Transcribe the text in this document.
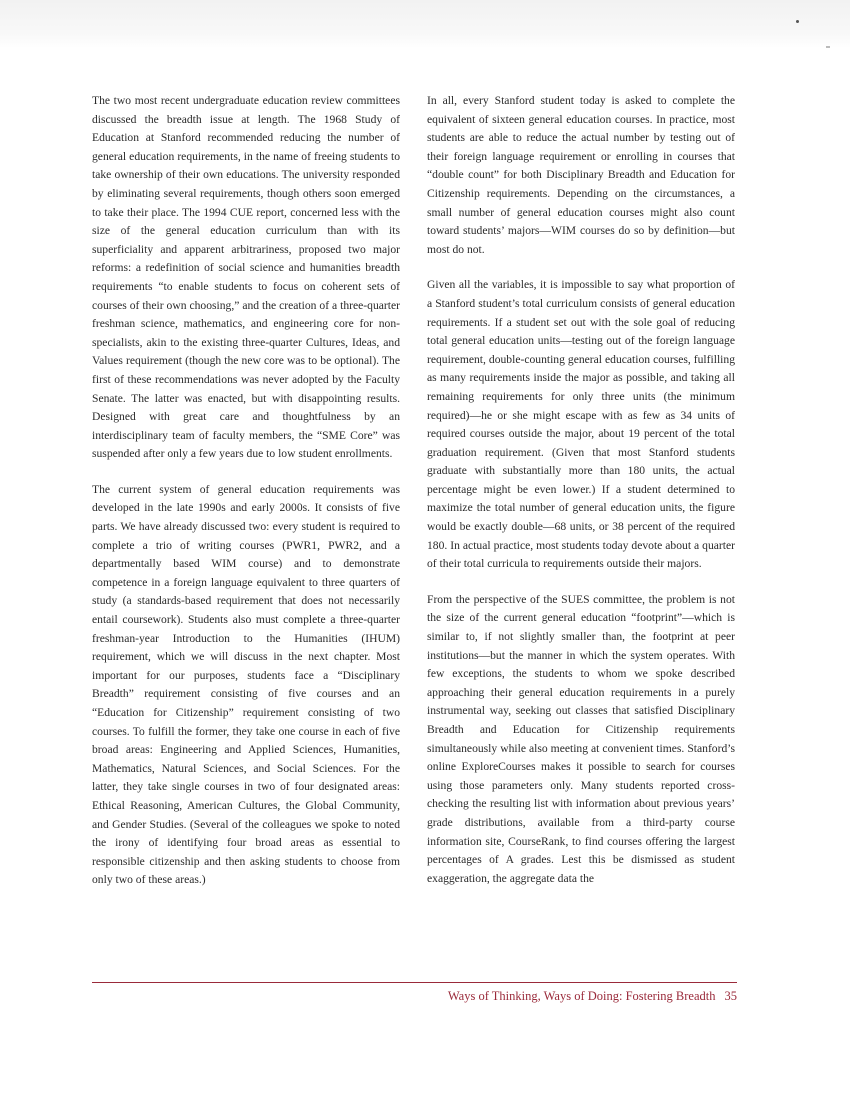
The two most recent undergraduate education review committees discussed the breadth issue at length. The 1968 Study of Education at Stanford recommended reducing the number of general education requirements, in the name of freeing students to take ownership of their own educations. The university responded by eliminating several requirements, though others soon emerged to take their place. The 1994 CUE report, concerned less with the size of the general education curriculum than with its superficiality and apparent arbitrariness, proposed two major reforms: a redefinition of social science and humanities breadth requirements “to enable students to focus on coherent sets of courses of their own choosing,” and the creation of a three-quarter freshman science, mathematics, and engineering core for non-specialists, akin to the existing three-quarter Cultures, Ideas, and Values requirement (though the new core was to be optional). The first of these recommendations was never adopted by the Faculty Senate. The latter was enacted, but with disappointing results. Designed with great care and thoughtfulness by an interdisciplinary team of faculty members, the “SME Core” was suspended after only a few years due to low student enrollments.

The current system of general education requirements was developed in the late 1990s and early 2000s. It consists of five parts. We have already discussed two: every student is required to complete a trio of writing courses (PWR1, PWR2, and a departmentally based WIM course) and to demonstrate competence in a foreign language equivalent to three quarters of study (a standards-based requirement that does not necessarily entail coursework). Students also must complete a three-quarter freshman-year Introduction to the Humanities (IHUM) requirement, which we will discuss in the next chapter. Most important for our purposes, students face a “Disciplinary Breadth” requirement consisting of five courses and an “Education for Citizenship” requirement consisting of two courses. To fulfill the former, they take one course in each of five broad areas: Engineering and Applied Sciences, Humanities, Mathematics, Natural Sciences, and Social Sciences. For the latter, they take single courses in two of four designated areas: Ethical Reasoning, American Cultures, the Global Community, and Gender Studies. (Several of the colleagues we spoke to noted the irony of identifying four broad areas as essential to responsible citizenship and then asking students to choose from only two of these areas.)

In all, every Stanford student today is asked to complete the equivalent of sixteen general education courses. In practice, most students are able to reduce the actual number by testing out of their foreign language requirement or enrolling in courses that “double count” for both Disciplinary Breadth and Education for Citizenship requirements. Depending on the circumstances, a small number of general education courses might also count toward students’ majors—WIM courses do so by definition—but most do not.

Given all the variables, it is impossible to say what proportion of a Stanford student’s total curriculum consists of general education requirements. If a student set out with the sole goal of reducing total general education units—testing out of the foreign language requirement, double-counting general education courses, fulfilling as many requirements inside the major as possible, and taking all remaining requirements for only three units (the minimum required)—he or she might escape with as few as 34 units of required courses outside the major, about 19 percent of the total graduation requirement. (Given that most Stanford students graduate with substantially more than 180 units, the actual percentage might be even lower.) If a student determined to maximize the total number of general education units, the figure would be exactly double—68 units, or 38 percent of the required 180. In actual practice, most students today devote about a quarter of their total curricula to requirements outside their majors.

From the perspective of the SUES committee, the problem is not the size of the current general education “footprint”—which is similar to, if not slightly smaller than, the footprint at peer institutions—but the manner in which the system operates. With few exceptions, the students to whom we spoke described approaching their general education requirements in a purely instrumental way, seeking out classes that satisfied Disciplinary Breadth and Education for Citizenship requirements simultaneously while also meeting at convenient times. Stanford’s online ExploreCourses makes it possible to search for courses using those parameters only. Many students reported cross-checking the resulting list with information about previous years’ grade distributions, available from a third-party course information site, CourseRank, to find courses offering the largest percentages of A grades. Lest this be dismissed as student exaggeration, the aggregate data the

Ways of Thinking, Ways of Doing: Fostering Breadth 35
